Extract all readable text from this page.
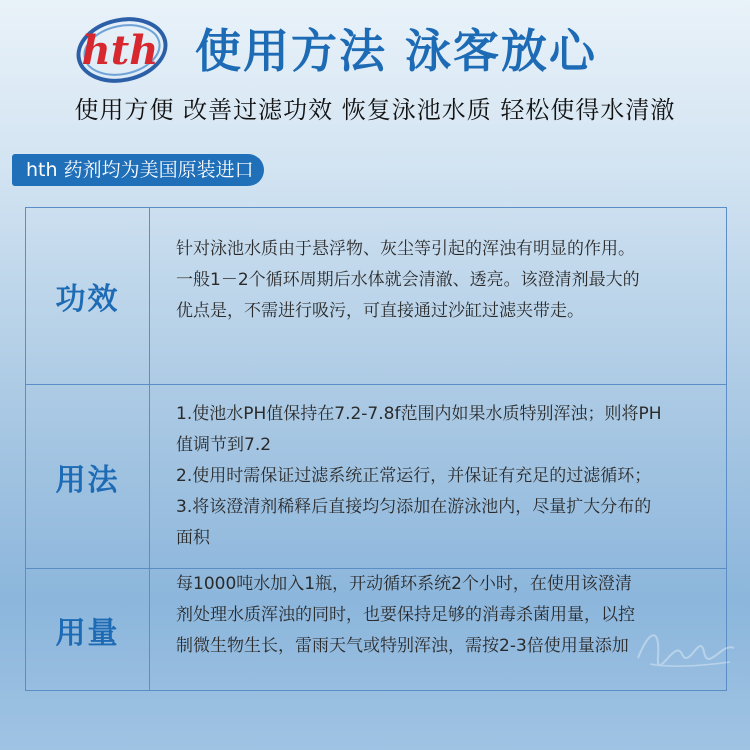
hth 使用方法 泳客放心
使用方便 改善过滤功效 恢复泳池水质 轻松使得水清澈
hth 药剂均为美国原装进口
功效
针对泳池水质由于悬浮物、灰尘等引起的浑浊有明显的作用。
一般1－2个循环周期后水体就会清澈、透亮。该澄清剂最大的
优点是，不需进行吸污，可直接通过沙缸过滤夹带走。
用法
1.使池水PH值保持在7.2-7.8f范围内如果水质特别浑浊；则将PH
值调节到7.2
2.使用时需保证过滤系统正常运行，并保证有充足的过滤循环；
3.将该澄清剂稀释后直接均匀添加在游泳池内，尽量扩大分布的
面积
用量
每1000吨水加入1瓶，开动循环系统2个小时，在使用该澄清
剂处理水质浑浊的同时，也要保持足够的消毒杀菌用量，以控
制微生物生长，雷雨天气或特别浑浊，需按2-3倍使用量添加
